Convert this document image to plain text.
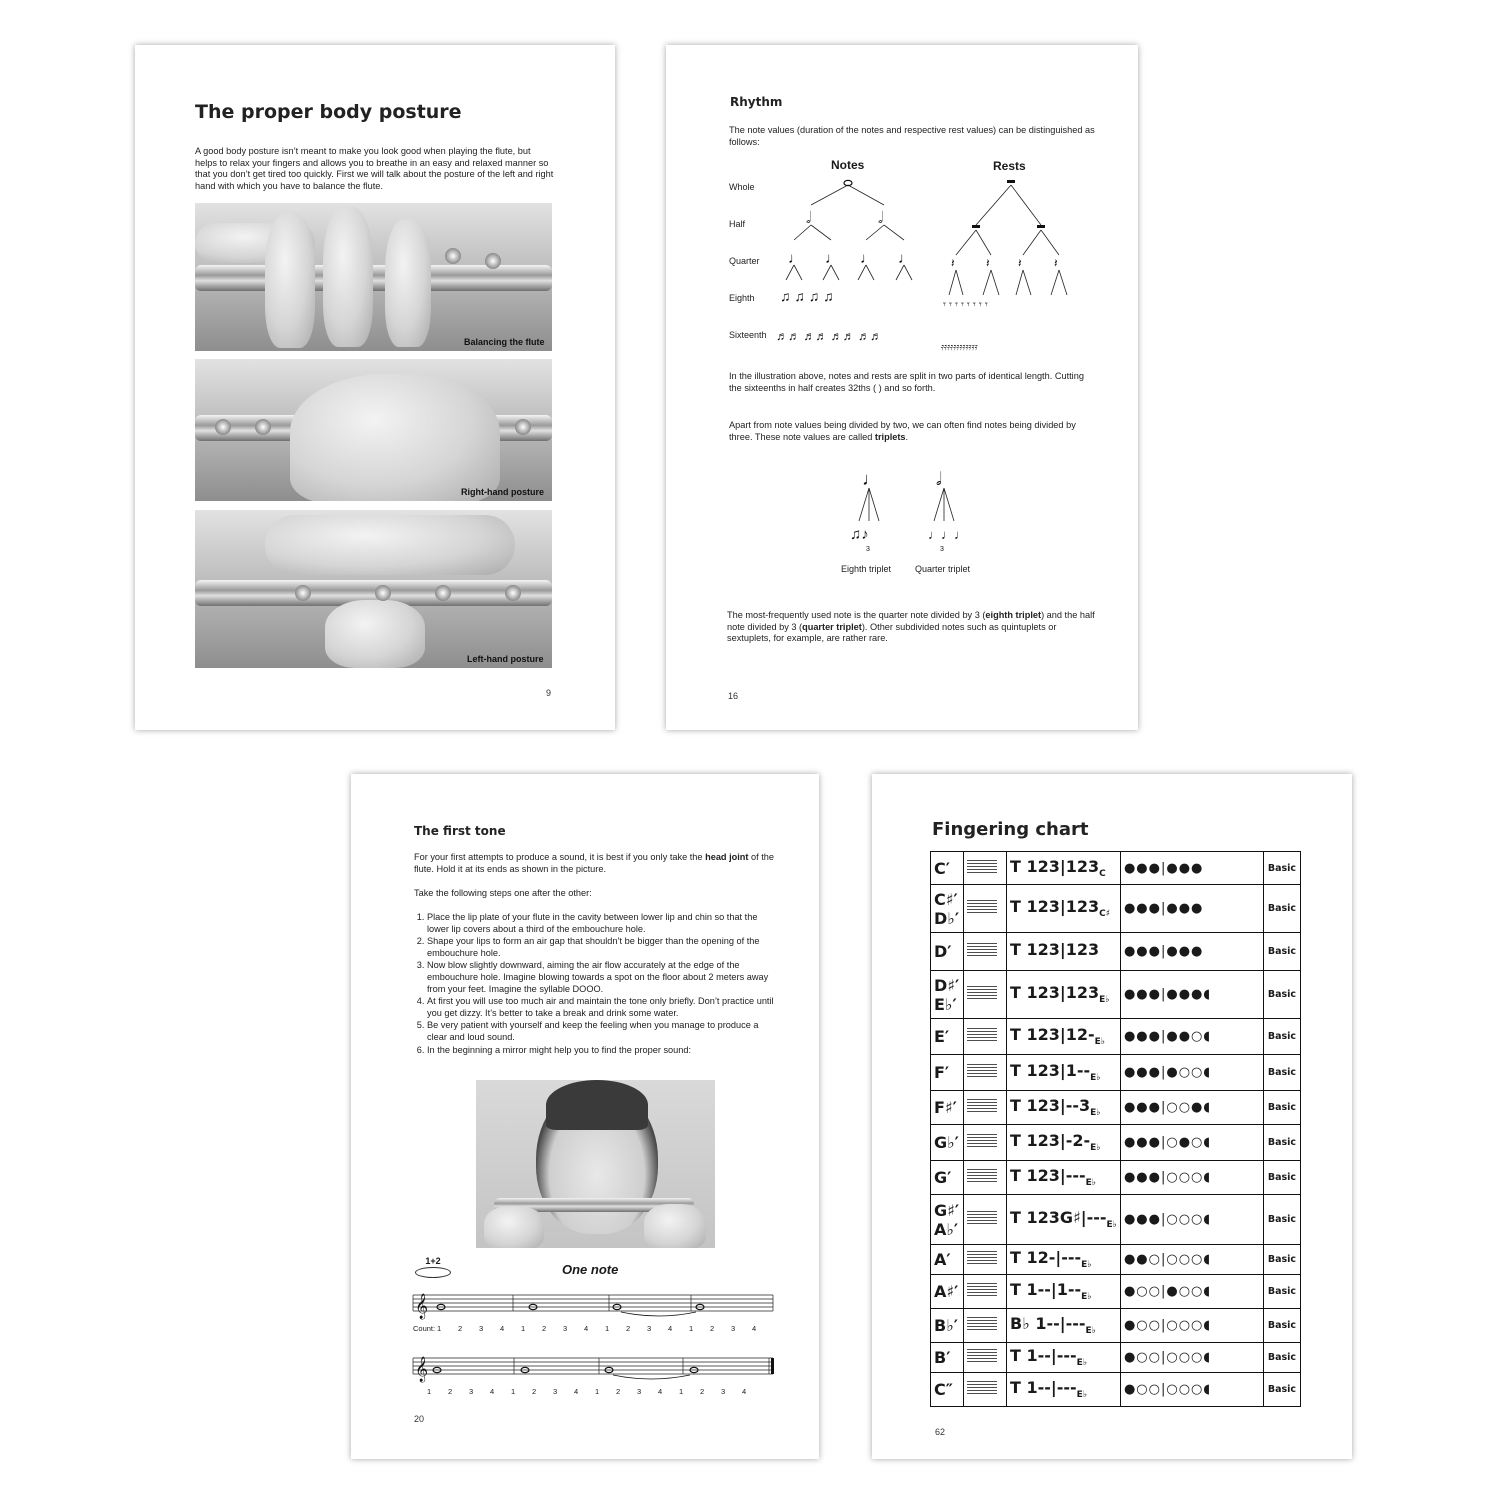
The proper body posture
A good body posture isn’t meant to make you look good when playing the flute, but helps to relax your fingers and allows you to breathe in an easy and relaxed manner so that you don’t get tired too quickly. First we will talk about the posture of the left and right hand with which you have to balance the flute.
Balancing the flute
Right-hand posture
Left-hand posture
9
Rhythm
The note values (duration of the notes and respective rest values) can be distinguished as follows:
Notes	Rests
Whole
Half
Quarter
Eighth
Sixteenth
𝅗𝅥	𝅗𝅥
♩ ♩ ♩ ♩
♫ ♫ ♫ ♫
♬♬ ♬♬ ♬♬ ♬♬
𝄽	𝄽 𝄽	𝄽
𝄾 𝄾 𝄾 𝄾 𝄾 𝄾 𝄾 𝄾
𝄿𝄿𝄿𝄿𝄿𝄿𝄿𝄿𝄿𝄿𝄿𝄿
In the illustration above, notes and rests are split in two parts of identical length. Cutting the sixteenths in half creates 32ths ( ) and so forth.
Apart from note values being divided by two, we can often find notes being divided by three. These note values are called triplets.
♩	𝅗𝅥
♫♪	♩♩♩
3	3
Eighth triplet	Quarter triplet
The most-frequently used note is the quarter note divided by 3 (eighth triplet) and the half note divided by 3 (quarter triplet). Other subdivided notes such as quintuplets or sextuplets, for example, are rather rare.
16
The first tone
For your first attempts to produce a sound, it is best if you only take the head joint of the flute. Hold it at its ends as shown in the picture.
Take the following steps one after the other:
1. Place the lip plate of your flute in the cavity between lower lip and chin so that the lower lip covers about a third of the embouchure hole.
2. Shape your lips to form an air gap that shouldn’t be bigger than the opening of the embouchure hole.
3. Now blow slightly downward, aiming the air flow accurately at the edge of the embouchure hole. Imagine blowing towards a spot on the floor about 2 meters away from your feet. Imagine the syllable DOOO.
4. At first you will use too much air and maintain the tone only briefly. Don’t practice until you get dizzy. It’s better to take a break and drink some water.
5. Be very patient with yourself and keep the feeling when you manage to produce a clear and loud sound.
6. In the beginning a mirror might help you to find the proper sound:
1+2
One note
𝄞
Count: 1	2	3	4	1	2	3	4	1	2	3	4	1	2	3	4
𝄞
1	2	3	4	1	2	3	4	1	2	3	4	1	2	3	4
20
Fingering chart
C′		T $123|123_C$	●●●|●●●	Basic
C♯′ D♭′		T $123|123_{C♯}$	●●●|●●●	Basic
D′		T 123|123	●●●|●●●	Basic
D♯′ E♭′		T $123|123_{E♭}$	●●●|●●●◖	Basic
E′		T $123|12-_{E♭}$	●●●|●●○◖	Basic
F′		T $123|1--_{E♭}$	●●●|●○○◖	Basic
F♯′		T $123|--3_{E♭}$	●●●|○○●◖	Basic
G♭′		T $123|-2-_{E♭}$	●●●|○●○◖	Basic
G′		T $123|---_{E♭}$	●●●|○○○◖	Basic
G♯′ A♭′		T $123G♯|---_{E♭}$	●●●|○○○◖	Basic
A′		T $12-|---_{E♭}$	●●○|○○○◖	Basic
A♯′		T $1--|1--_{E♭}$	●○○|●○○◖	Basic
B♭′		B♭ $1--|---_{E♭}$	●○○|○○○◖	Basic
B′		T $1--|---_{E♭}$	●○○|○○○◖	Basic
C″		T $1--|---_{E♭}$	●○○|○○○◖	Basic
62
